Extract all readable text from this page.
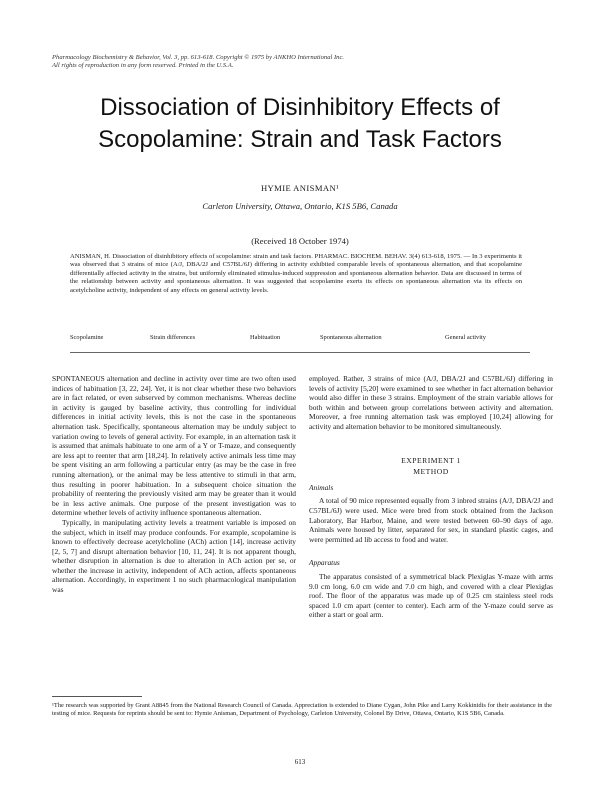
Pharmacology Biochemistry & Behavior, Vol. 3, pp. 613-618. Copyright © 1975 by ANKHO International Inc.
All rights of reproduction in any form reserved. Printed in the U.S.A.
Dissociation of Disinhibitory Effects of
Scopolamine: Strain and Task Factors
HYMIE ANISMAN¹
Carleton University, Ottawa, Ontario, K1S 5B6, Canada
(Received 18 October 1974)
ANISMAN, H. Dissociation of disinhibitory effects of scopolamine: strain and task factors. PHARMAC. BIOCHEM. BEHAV. 3(4) 613-618, 1975. — In 3 experiments it was observed that 3 strains of mice (A/J, DBA/2J and C57BL/6J) differing in activity exhibited comparable levels of spontaneous alternation, and that scopolamine differentially affected activity in the strains, but uniformly eliminated stimulus-induced suppression and spontaneous alternation behavior. Data are discussed in terms of the relationship between activity and spontaneous alternation. It was suggested that scopolamine exerts its effects on spontaneous alternation via its effects on acetylcholine activity, independent of any effects on general activity levels.
Scopolamine	Strain differences	Habituation	Spontaneous alternation	General activity

SPONTANEOUS alternation and decline in activity over time are two often used indices of habituation [3, 22, 24]. Yet, it is not clear whether these two behaviors are in fact related, or even subserved by common mechanisms. Whereas decline in activity is gauged by baseline activity, thus controlling for individual differences in initial activity levels, this is not the case in the spontaneous alternation task. Specifically, spontaneous alternation may be unduly subject to variation owing to levels of general activity. For example, in an alternation task it is assumed that animals habituate to one arm of a Y or T-maze, and consequently are less apt to reenter that arm [18,24]. In relatively active animals less time may be spent visiting an arm following a particular entry (as may be the case in free running alternation), or the animal may be less attentive to stimuli in that arm, thus resulting in poorer habituation. In a subsequent choice situation the probability of reentering the previously visited arm may be greater than it would be in less active animals. One purpose of the present investigation was to determine whether levels of activity influence spontaneous alternation.

Typically, in manipulating activity levels a treatment variable is imposed on the subject, which in itself may produce confounds. For example, scopolamine is known to effectively decrease acetylcholine (ACh) action [14], increase activity [2, 5, 7] and disrupt alternation behavior [10, 11, 24]. It is not apparent though, whether disruption in alternation is due to alteration in ACh action per se, or whether the increase in activity, independent of ACh action, affects spontaneous alternation. Accordingly, in experiment 1 no such pharmacological manipulation was

employed. Rather, 3 strains of mice (A/J, DBA/2J and C57BL/6J) differing in levels of activity [5,20] were examined to see whether in fact alternation behavior would also differ in these 3 strains. Employment of the strain variable allows for both within and between group correlations between activity and alternation. Moreover, a free running alternation task was employed [10,24] allowing for activity and alternation behavior to be monitored simultaneously.

EXPERIMENT 1
METHOD
Animals

A total of 90 mice represented equally from 3 inbred strains (A/J, DBA/2J and C57BL/6J) were used. Mice were bred from stock obtained from the Jackson Laboratory, Bar Harbor, Maine, and were tested between 60–90 days of age. Animals were housed by litter, separated for sex, in standard plastic cages, and were permitted ad lib access to food and water.

Apparatus

The apparatus consisted of a symmetrical black Plexiglas Y-maze with arms 9.0 cm long, 6.0 cm wide and 7.0 cm high, and covered with a clear Plexiglas roof. The floor of the apparatus was made up of 0.25 cm stainless steel rods spaced 1.0 cm apart (center to center). Each arm of the Y-maze could serve as either a start or goal arm.

¹The research was supported by Grant A8845 from the National Research Council of Canada. Appreciation is extended to Diane Cygan, John Pike and Larry Kokkinidis for their assistance in the testing of mice. Requests for reprints should be sent to: Hymie Anisman, Department of Psychology, Carleton University, Colonel By Drive, Ottawa, Ontario, K1S 5B6, Canada.
613
